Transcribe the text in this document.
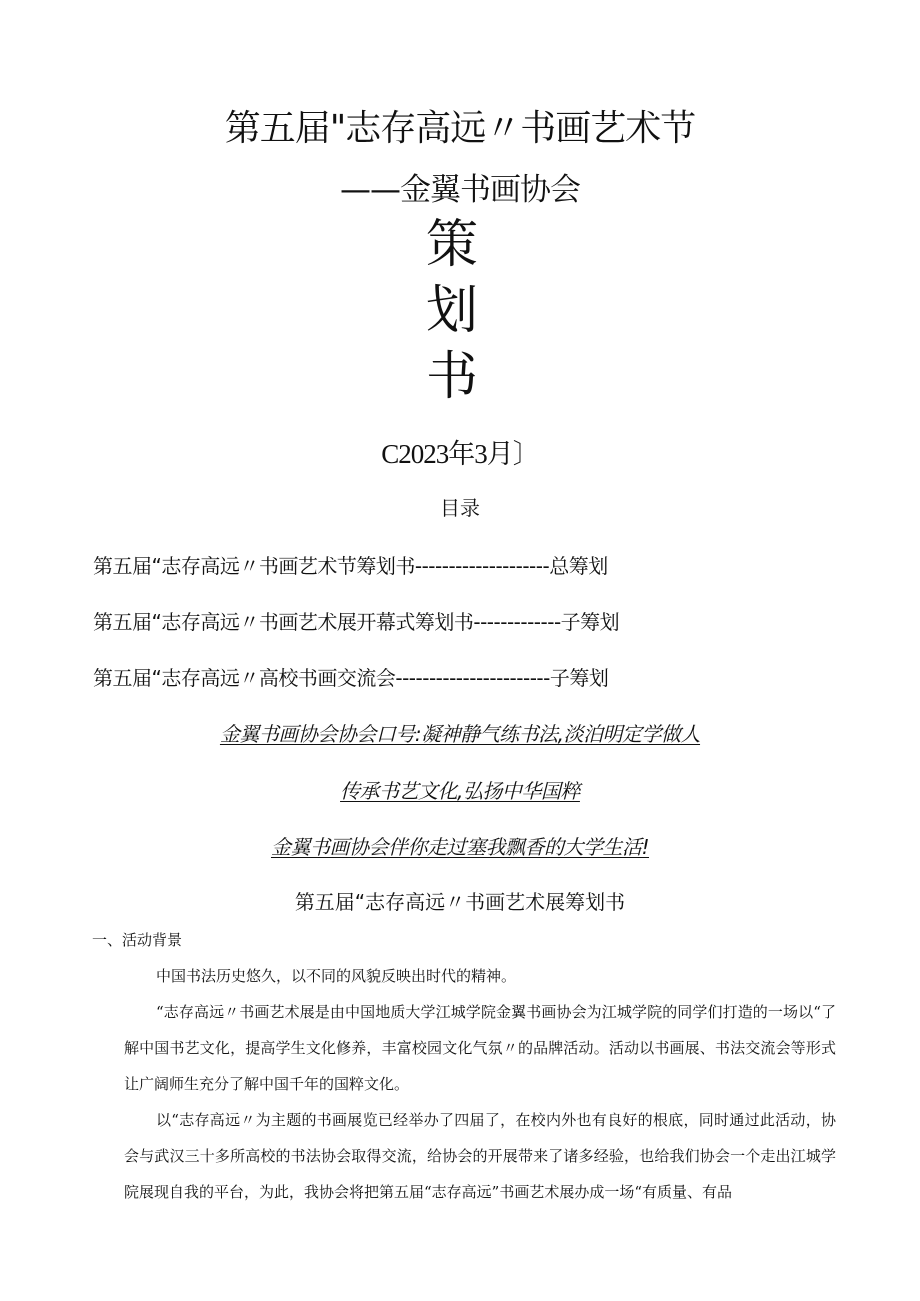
第五届"志存高远〃书画艺术节
——金翼书画协会
策
划
书
C2023年3月〕
目录
第五届“志存高远〃书画艺术节筹划书--------------------总筹划
第五届“志存高远〃书画艺术展开幕式筹划书-------------子筹划
第五届“志存高远〃高校书画交流会-----------------------子筹划
金翼书画协会协会口号:凝神静气练书法,淡泊明定学做人
传承书艺文化,弘扬中华国粹
金翼书画协会伴你走过塞我飘香的大学生活!
第五届“志存高远〃书画艺术展筹划书
一、活动背景

中国书法历史悠久，以不同的风貌反映出时代的精神。

“志存高远〃书画艺术展是由中国地质大学江城学院金翼书画协会为江城学院的同学们打造的一场以“了解中国书艺文化，提高学生文化修养，丰富校园文化气氛〃的品牌活动。活动以书画展、书法交流会等形式让广阔师生充分了解中国千年的国粹文化。

以“志存高远〃为主题的书画展览已经举办了四届了，在校内外也有良好的根底，同时通过此活动，协会与武汉三十多所高校的书法协会取得交流，给协会的开展带来了诸多经验，也给我们协会一个走出江城学院展现自我的平台，为此，我协会将把第五届“志存高远”书画艺术展办成一场“有质量、有品
